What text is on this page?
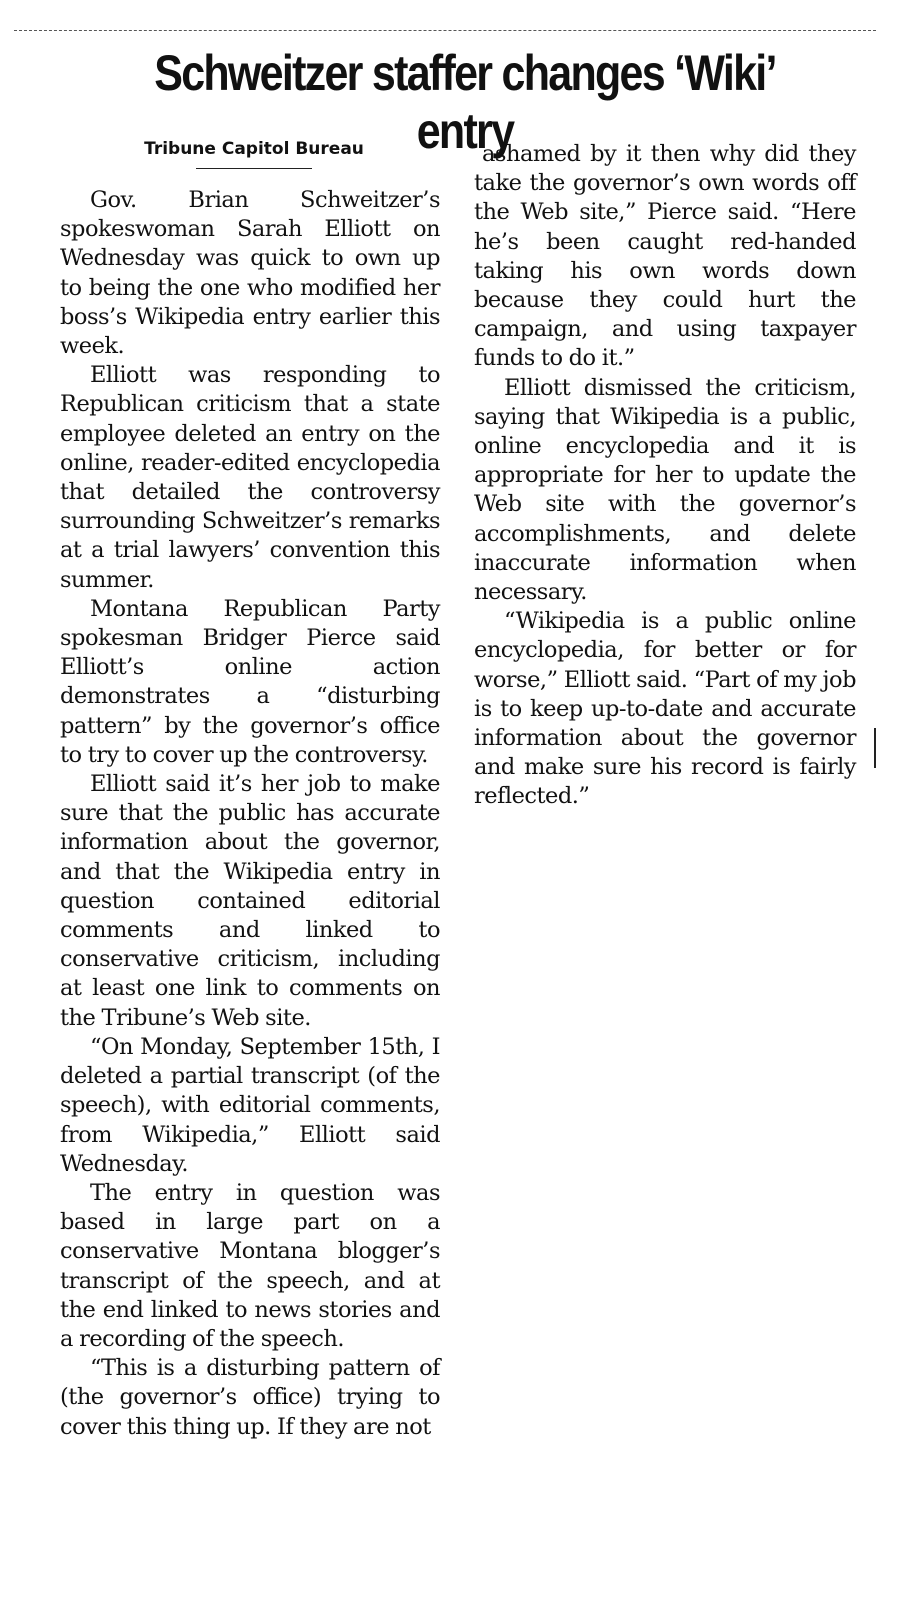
Schweitzer staffer changes ‘Wiki’ entry
Tribune Capitol Bureau

Gov. Brian Schweitzer’s spokeswoman Sarah Elliott on Wednesday was quick to own up to being the one who modified her boss’s Wikipedia entry earlier this week.

Elliott was responding to Republican criticism that a state employee deleted an entry on the online, reader-edited encyclopedia that detailed the controversy surrounding Schweitzer’s remarks at a trial lawyers’ convention this summer.

Montana Republican Party spokesman Bridger Pierce said Elliott’s online action demonstrates a “disturbing pattern” by the governor’s office to try to cover up the controversy.

Elliott said it’s her job to make sure that the public has accurate information about the governor, and that the Wikipedia entry in question contained editorial comments and linked to conservative criticism, including at least one link to comments on the Tribune’s Web site.

“On Monday, September 15th, I deleted a partial transcript (of the speech), with editorial comments, from Wikipedia,” Elliott said Wednesday.

The entry in question was based in large part on a conservative Montana blogger’s transcript of the speech, and at the end linked to news stories and a recording of the speech.

“This is a disturbing pattern of (the governor’s office) trying to cover this thing up. If they are not

ashamed by it then why did they take the governor’s own words off the Web site,” Pierce said. “Here he’s been caught red-handed taking his own words down because they could hurt the campaign, and using taxpayer funds to do it.”

Elliott dismissed the criticism, saying that Wikipedia is a public, online encyclopedia and it is appropriate for her to update the Web site with the governor’s accomplishments, and delete inaccurate information when necessary.

“Wikipedia is a public online encyclopedia, for better or for worse,” Elliott said. “Part of my job is to keep up-to-date and accurate information about the governor and make sure his record is fairly reflected.”
